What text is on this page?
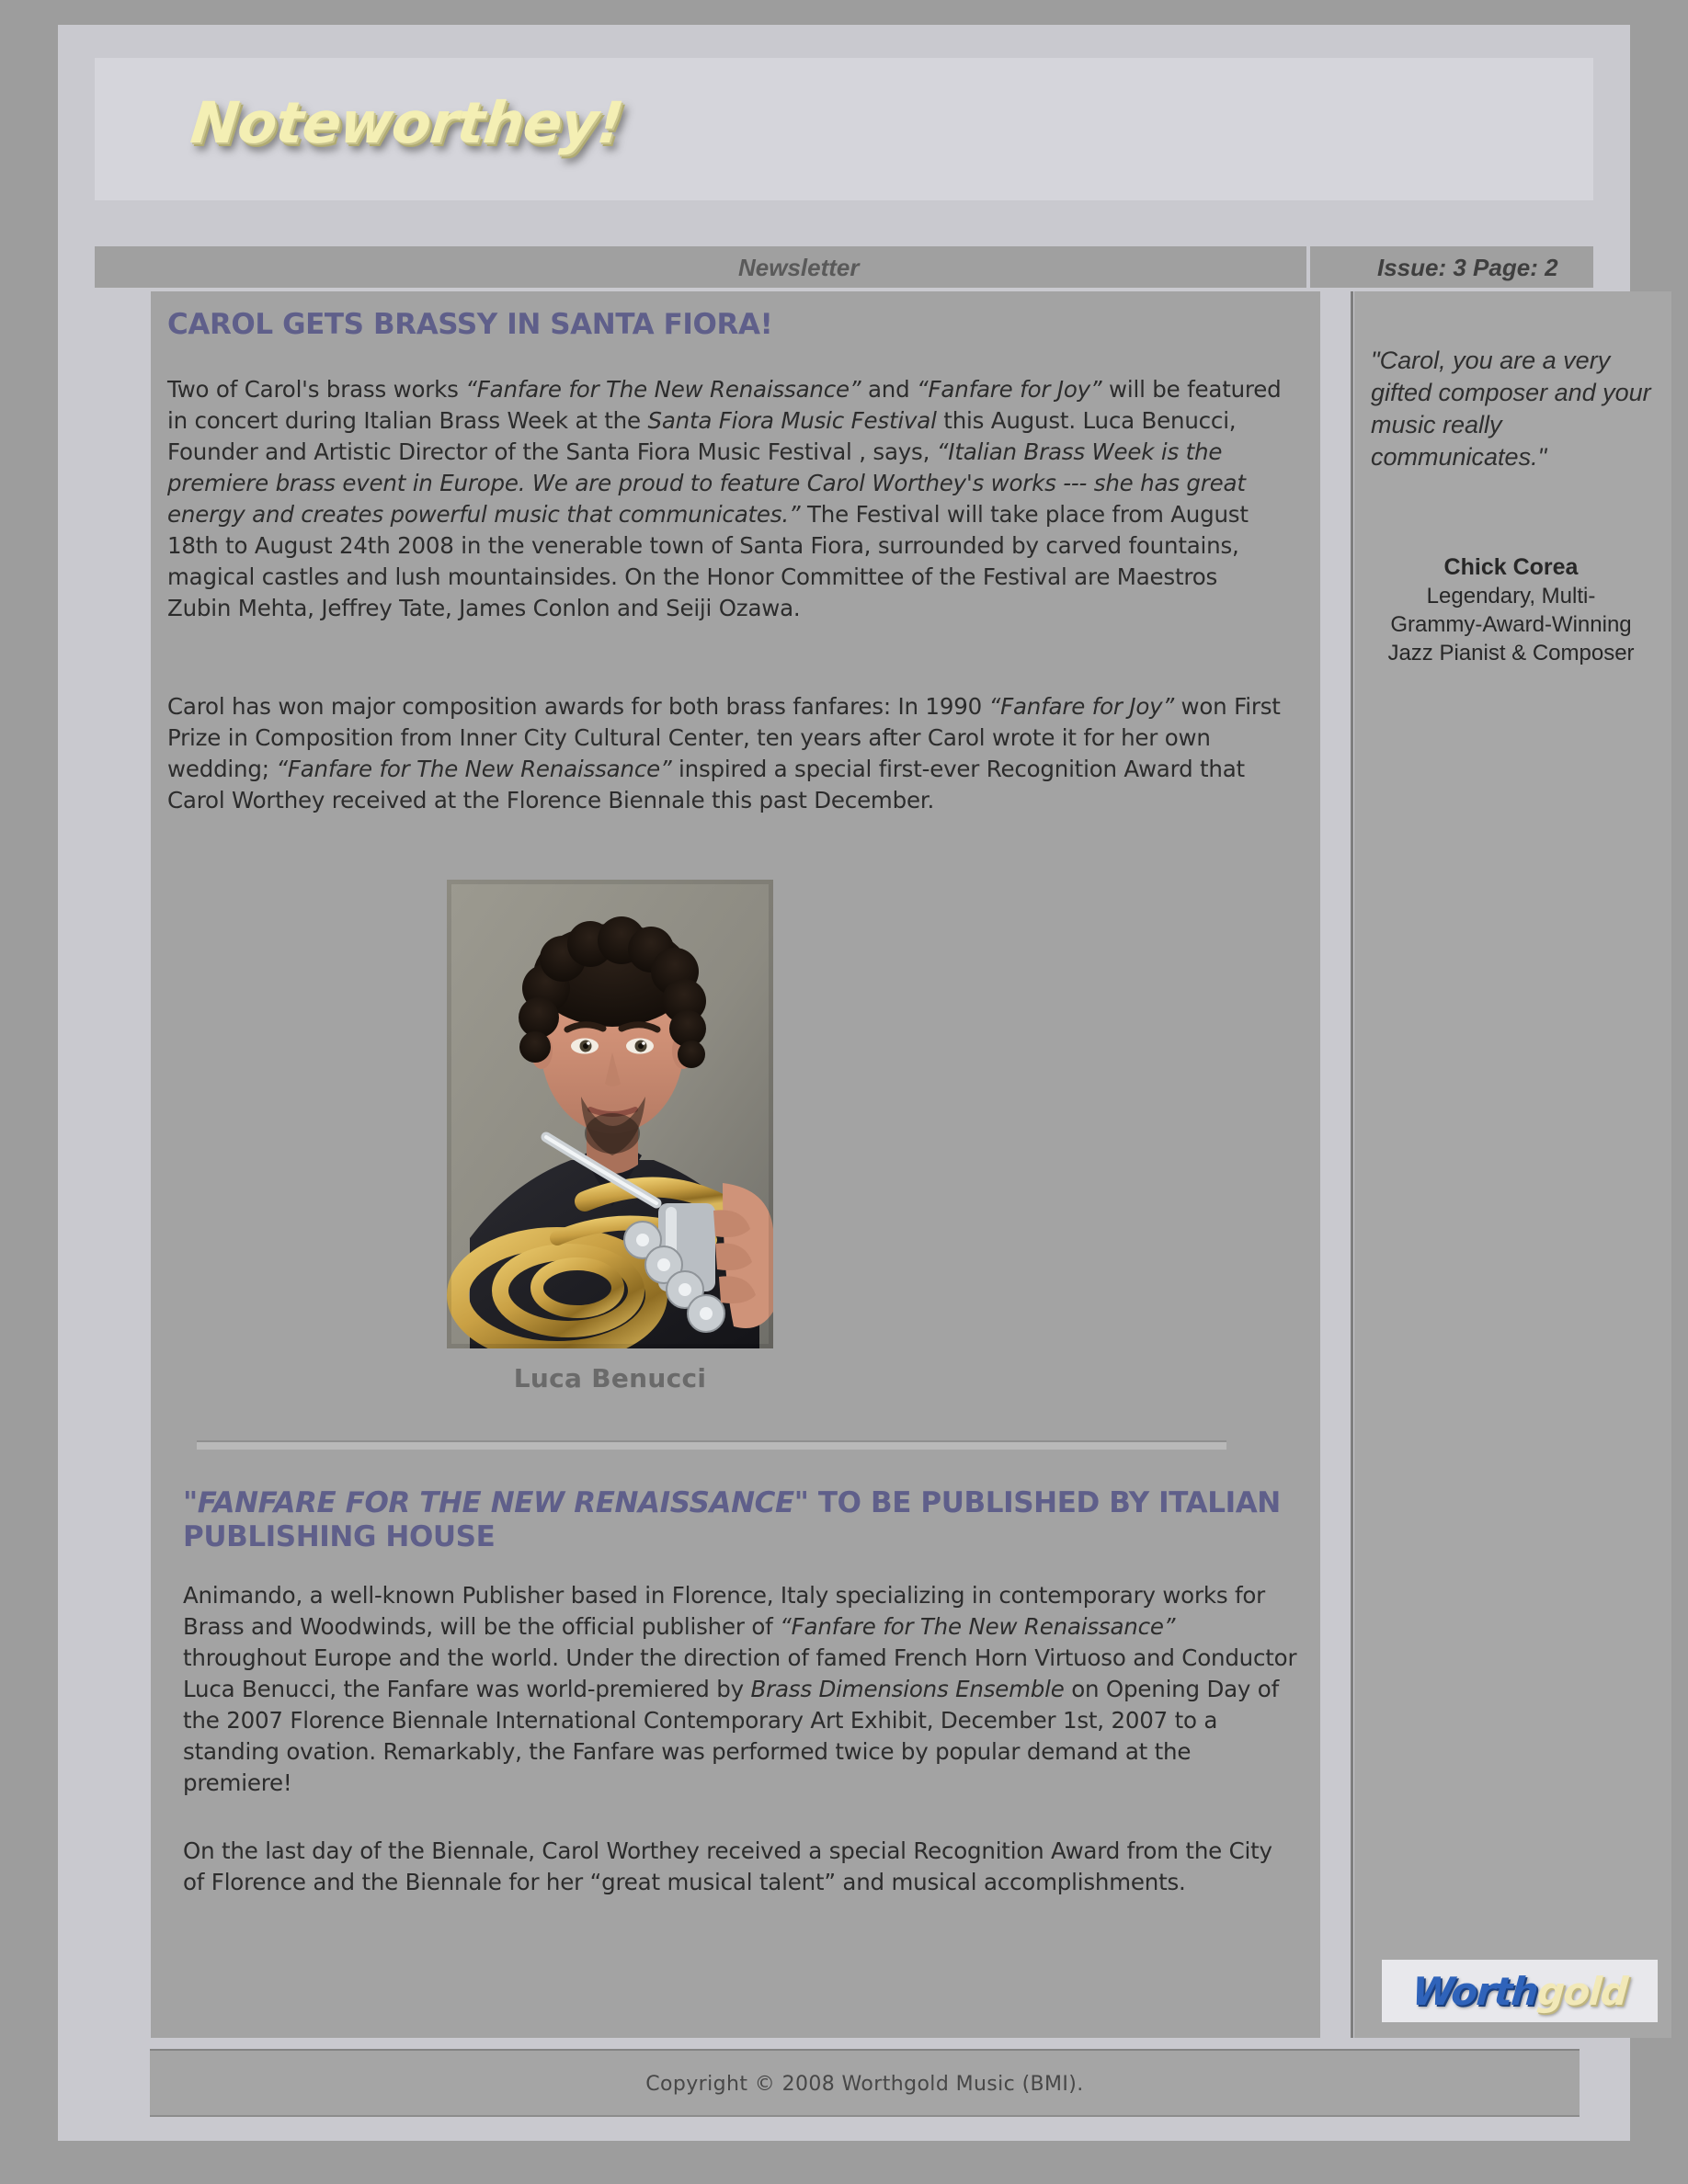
Noteworthey!
Newsletter	Issue: 3 Page: 2
CAROL GETS BRASSY IN SANTA FIORA!

Two of Carol's brass works “Fanfare for The New Renaissance” and “Fanfare for Joy” will be featured in concert during Italian Brass Week at the Santa Fiora Music Festival this August. Luca Benucci, Founder and Artistic Director of the Santa Fiora Music Festival , says, “Italian Brass Week is the premiere brass event in Europe. We are proud to feature Carol Worthey's works --- she has great energy and creates powerful music that communicates.” The Festival will take place from August 18th to August 24th 2008 in the venerable town of Santa Fiora, surrounded by carved fountains, magical castles and lush mountainsides. On the Honor Committee of the Festival are Maestros Zubin Mehta, Jeffrey Tate, James Conlon and Seiji Ozawa.

Carol has won major composition awards for both brass fanfares: In 1990 “Fanfare for Joy” won First Prize in Composition from Inner City Cultural Center, ten years after Carol wrote it for her own wedding; “Fanfare for The New Renaissance” inspired a special first-ever Recognition Award that Carol Worthey received at the Florence Biennale this past December.

Luca Benucci
"FANFARE FOR THE NEW RENAISSANCE" TO BE PUBLISHED BY ITALIAN PUBLISHING HOUSE

Animando, a well-known Publisher based in Florence, Italy specializing in contemporary works for Brass and Woodwinds, will be the official publisher of “Fanfare for The New Renaissance” throughout Europe and the world. Under the direction of famed French Horn Virtuoso and Conductor Luca Benucci, the Fanfare was world-premiered by Brass Dimensions Ensemble on Opening Day of the 2007 Florence Biennale International Contemporary Art Exhibit, December 1st, 2007 to a standing ovation. Remarkably, the Fanfare was performed twice by popular demand at the premiere!

On the last day of the Biennale, Carol Worthey received a special Recognition Award from the City of Florence and the Biennale for her “great musical talent” and musical accomplishments.

"Carol, you are a very gifted composer and your music really communicates."
Chick Corea
Legendary, Multi-
Grammy-Award-Winning
Jazz Pianist & Composer
Worthgold
Copyright © 2008 Worthgold Music (BMI).
